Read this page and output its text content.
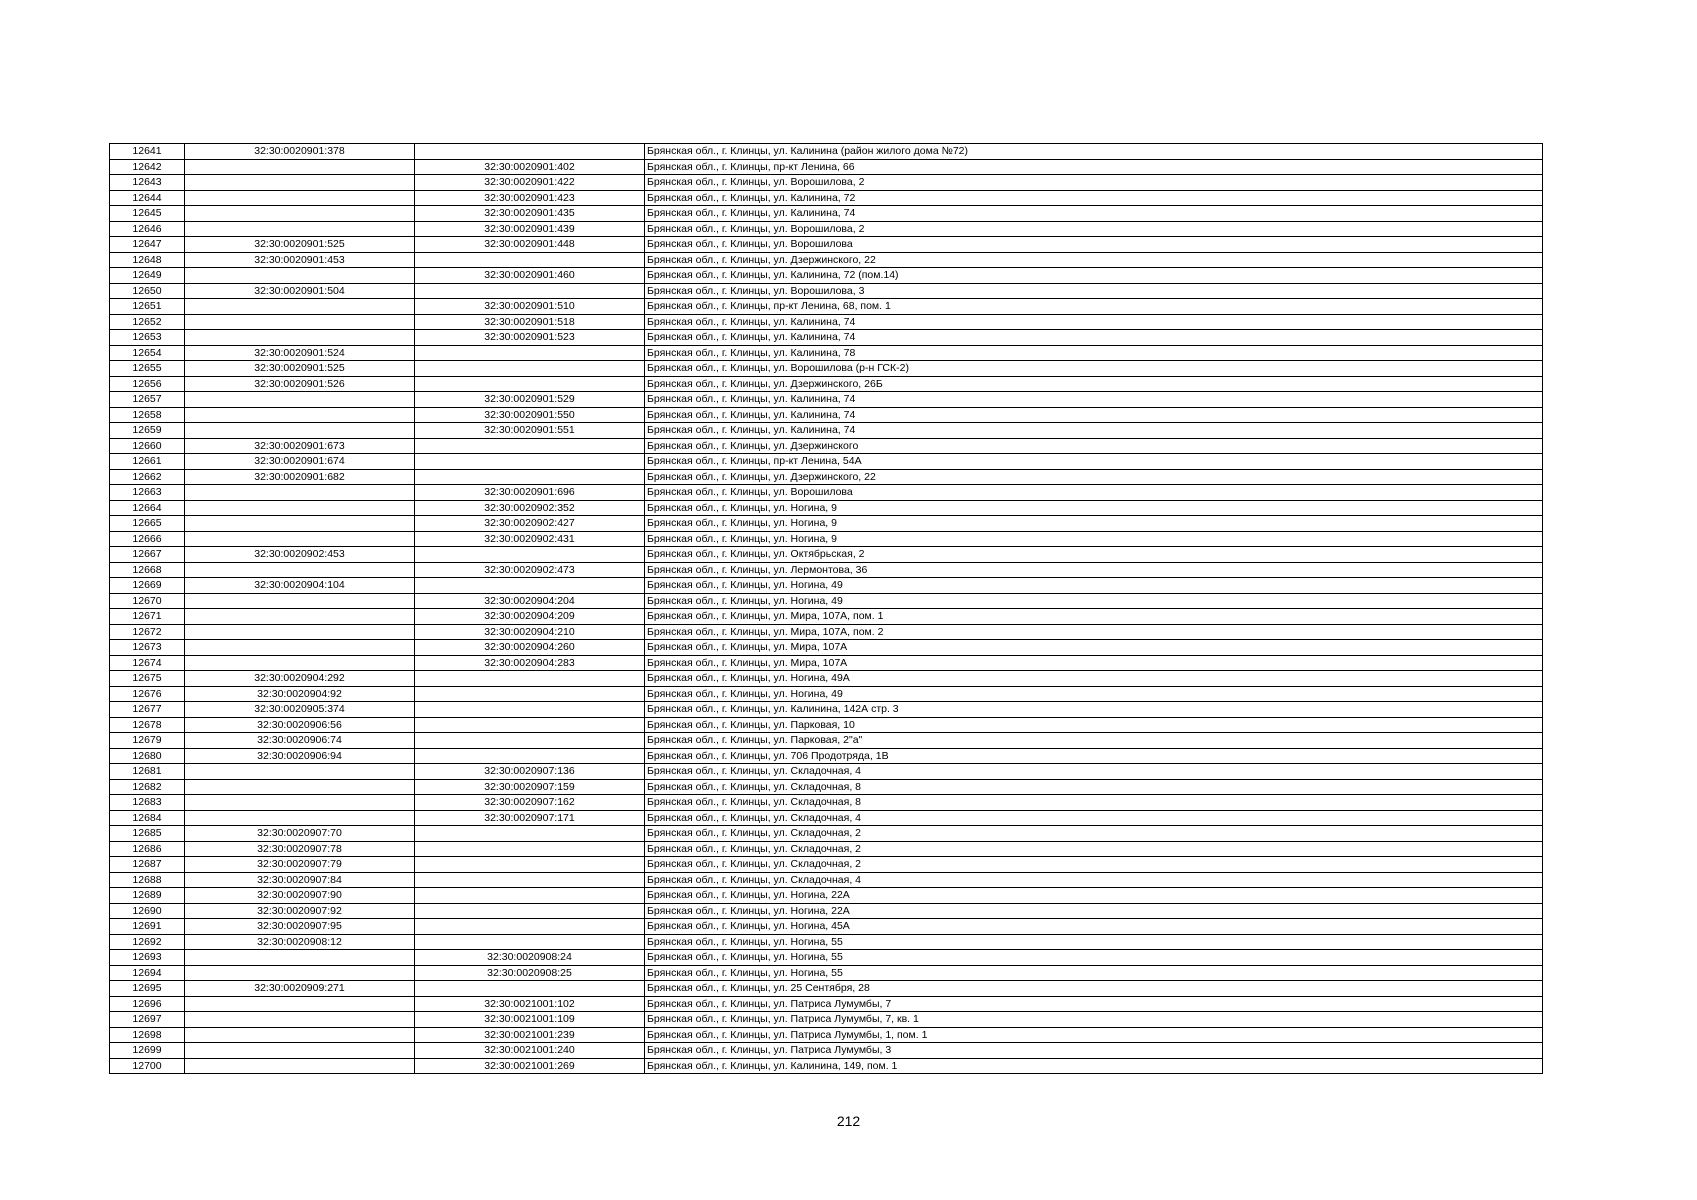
12641	32:30:0020901:378		Брянская обл., г. Клинцы, ул. Калинина (район жилого дома №72)
12642		32:30:0020901:402	Брянская обл., г. Клинцы, пр-кт Ленина, 66
12643		32:30:0020901:422	Брянская обл., г. Клинцы, ул. Ворошилова, 2
12644		32:30:0020901:423	Брянская обл., г. Клинцы, ул. Калинина, 72
12645		32:30:0020901:435	Брянская обл., г. Клинцы, ул. Калинина, 74
12646		32:30:0020901:439	Брянская обл., г. Клинцы, ул. Ворошилова, 2
12647	32:30:0020901:525	32:30:0020901:448	Брянская обл., г. Клинцы, ул. Ворошилова
12648	32:30:0020901:453		Брянская обл., г. Клинцы, ул. Дзержинского, 22
12649		32:30:0020901:460	Брянская обл., г. Клинцы, ул. Калинина, 72 (пом.14)
12650	32:30:0020901:504		Брянская обл., г. Клинцы, ул. Ворошилова, 3
12651		32:30:0020901:510	Брянская обл., г. Клинцы, пр-кт Ленина, 68, пом. 1
12652		32:30:0020901:518	Брянская обл., г. Клинцы, ул. Калинина, 74
12653		32:30:0020901:523	Брянская обл., г. Клинцы, ул. Калинина, 74
12654	32:30:0020901:524		Брянская обл., г. Клинцы, ул. Калинина, 78
12655	32:30:0020901:525		Брянская обл., г. Клинцы, ул. Ворошилова (р-н ГСК-2)
12656	32:30:0020901:526		Брянская обл., г. Клинцы, ул. Дзержинского, 26Б
12657		32:30:0020901:529	Брянская обл., г. Клинцы, ул. Калинина, 74
12658		32:30:0020901:550	Брянская обл., г. Клинцы, ул. Калинина, 74
12659		32:30:0020901:551	Брянская обл., г. Клинцы, ул. Калинина, 74
12660	32:30:0020901:673		Брянская обл., г. Клинцы, ул. Дзержинского
12661	32:30:0020901:674		Брянская обл., г. Клинцы, пр-кт Ленина, 54А
12662	32:30:0020901:682		Брянская обл., г. Клинцы, ул. Дзержинского, 22
12663		32:30:0020901:696	Брянская обл., г. Клинцы, ул. Ворошилова
12664		32:30:0020902:352	Брянская обл., г. Клинцы, ул. Ногина, 9
12665		32:30:0020902:427	Брянская обл., г. Клинцы, ул. Ногина, 9
12666		32:30:0020902:431	Брянская обл., г. Клинцы, ул. Ногина, 9
12667	32:30:0020902:453		Брянская обл., г. Клинцы, ул. Октябрьская, 2
12668		32:30:0020902:473	Брянская обл., г. Клинцы, ул. Лермонтова, 36
12669	32:30:0020904:104		Брянская обл., г. Клинцы, ул. Ногина, 49
12670		32:30:0020904:204	Брянская обл., г. Клинцы, ул. Ногина, 49
12671		32:30:0020904:209	Брянская обл., г. Клинцы, ул. Мира, 107А, пом. 1
12672		32:30:0020904:210	Брянская обл., г. Клинцы, ул. Мира, 107А, пом. 2
12673		32:30:0020904:260	Брянская обл., г. Клинцы, ул. Мира, 107А
12674		32:30:0020904:283	Брянская обл., г. Клинцы, ул. Мира, 107А
12675	32:30:0020904:292		Брянская обл., г. Клинцы, ул. Ногина, 49А
12676	32:30:0020904:92		Брянская обл., г. Клинцы, ул. Ногина, 49
12677	32:30:0020905:374		Брянская обл., г. Клинцы, ул. Калинина, 142А стр. 3
12678	32:30:0020906:56		Брянская обл., г. Клинцы, ул. Парковая, 10
12679	32:30:0020906:74		Брянская обл., г. Клинцы, ул. Парковая, 2"а"
12680	32:30:0020906:94		Брянская обл., г. Клинцы, ул. 706 Продотряда, 1В
12681		32:30:0020907:136	Брянская обл., г. Клинцы, ул. Складочная, 4
12682		32:30:0020907:159	Брянская обл., г. Клинцы, ул. Складочная, 8
12683		32:30:0020907:162	Брянская обл., г. Клинцы, ул. Складочная, 8
12684		32:30:0020907:171	Брянская обл., г. Клинцы, ул. Складочная, 4
12685	32:30:0020907:70		Брянская обл., г. Клинцы, ул. Складочная, 2
12686	32:30:0020907:78		Брянская обл., г. Клинцы, ул. Складочная, 2
12687	32:30:0020907:79		Брянская обл., г. Клинцы, ул. Складочная, 2
12688	32:30:0020907:84		Брянская обл., г. Клинцы, ул. Складочная, 4
12689	32:30:0020907:90		Брянская обл., г. Клинцы, ул. Ногина, 22А
12690	32:30:0020907:92		Брянская обл., г. Клинцы, ул. Ногина, 22А
12691	32:30:0020907:95		Брянская обл., г. Клинцы, ул. Ногина, 45А
12692	32:30:0020908:12		Брянская обл., г. Клинцы, ул. Ногина, 55
12693		32:30:0020908:24	Брянская обл., г. Клинцы, ул. Ногина, 55
12694		32:30:0020908:25	Брянская обл., г. Клинцы, ул. Ногина, 55
12695	32:30:0020909:271		Брянская обл., г. Клинцы, ул. 25 Сентября, 28
12696		32:30:0021001:102	Брянская обл., г. Клинцы, ул. Патриса Лумумбы, 7
12697		32:30:0021001:109	Брянская обл., г. Клинцы, ул. Патриса Лумумбы, 7, кв. 1
12698		32:30:0021001:239	Брянская обл., г. Клинцы, ул. Патриса Лумумбы, 1, пом. 1
12699		32:30:0021001:240	Брянская обл., г. Клинцы, ул. Патриса Лумумбы, 3
12700		32:30:0021001:269	Брянская обл., г. Клинцы, ул. Калинина, 149, пом. 1
212
